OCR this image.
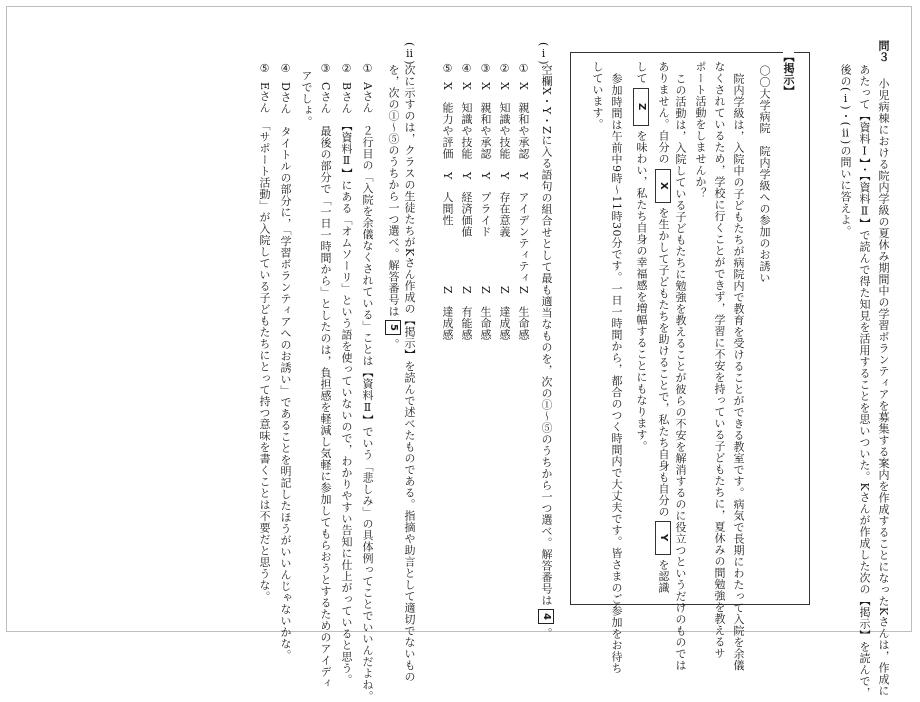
問３
小児病棟における院内学級の夏休み期間中の学習ボランティアを募集する案内を作成することになったKさんは，作成に
あたって【資料Ⅰ】・【資料Ⅱ】で読んで得た知見を活用することを思いついた。Kさんが作成した次の【掲示】を読んで，
後の(ⅰ)・(ⅱ)の問いに答えよ。
【掲示】
〇〇大学病院　院内学級への参加のお誘い
院内学級は，入院中の子どもたちが病院内で教育を受けることができる教室です。病気で長期にわたって入院を余儀
なくされているため，学校に行くことができず，学習に不安を持っている子どもたちに，夏休みの間勉強を教えるサ
ポート活動をしませんか？
この活動は，入院している子どもたちに勉強を教えることが彼らの不安を解消するのに役立つというだけのものでは
ありません。自分のXを生かして子どもたちを助けることで，私たち自身も自分のYを認識
してZを味わい，私たち自身の幸福感を増幅することにもなります。
参加時間は午前中9時～11時30分です。一日一時間から，都合のつく時間内で大丈夫です。皆さまのご参加をお待ち
しています。
(ⅰ)
空欄X・Y・Zに入る語句の組合せとして最も適当なものを，次の①～⑤のうちから一つ選べ。解答番号は4。
①
X　親和や承認
Y　アイデンティティ
Z　生命感
②
X　知識や技能
Y　存在意義
Z　達成感
③
X　親和や承認
Y　プライド
Z　生命感
④
X　知識や技能
Y　経済価値
Z　有能感
⑤
X　能力や評価
Y　人間性
Z　達成感
(ⅱ)
次に示すのは，クラスの生徒たちがKさん作成の【掲示】を読んで述べたものである。指摘や助言として適切でないもの
を，次の①～⑤のうちから一つ選べ。解答番号は5。
①
Aさん　２行目の「入院を余儀なくされている」ことは【資料Ⅱ】でいう「悲しみ」の具体例ってことでいいんだよね。
②
Bさん　【資料Ⅱ】にある「オムソーリ」という語を使っていないので，わかりやすい告知に仕上がっていると思う。
③
Cさん　最後の部分で「一日一時間から」としたのは，負担感を軽減し気軽に参加してもらおうとするためのアイディ
アでしょ。
④
Dさん　タイトルの部分に，「学習ボランティアへのお誘い」であることを明記したほうがいいんじゃないかな。
⑤
Eさん　「サポート活動」が入院している子どもたちにとって持つ意味を書くことは不要だと思うな。
